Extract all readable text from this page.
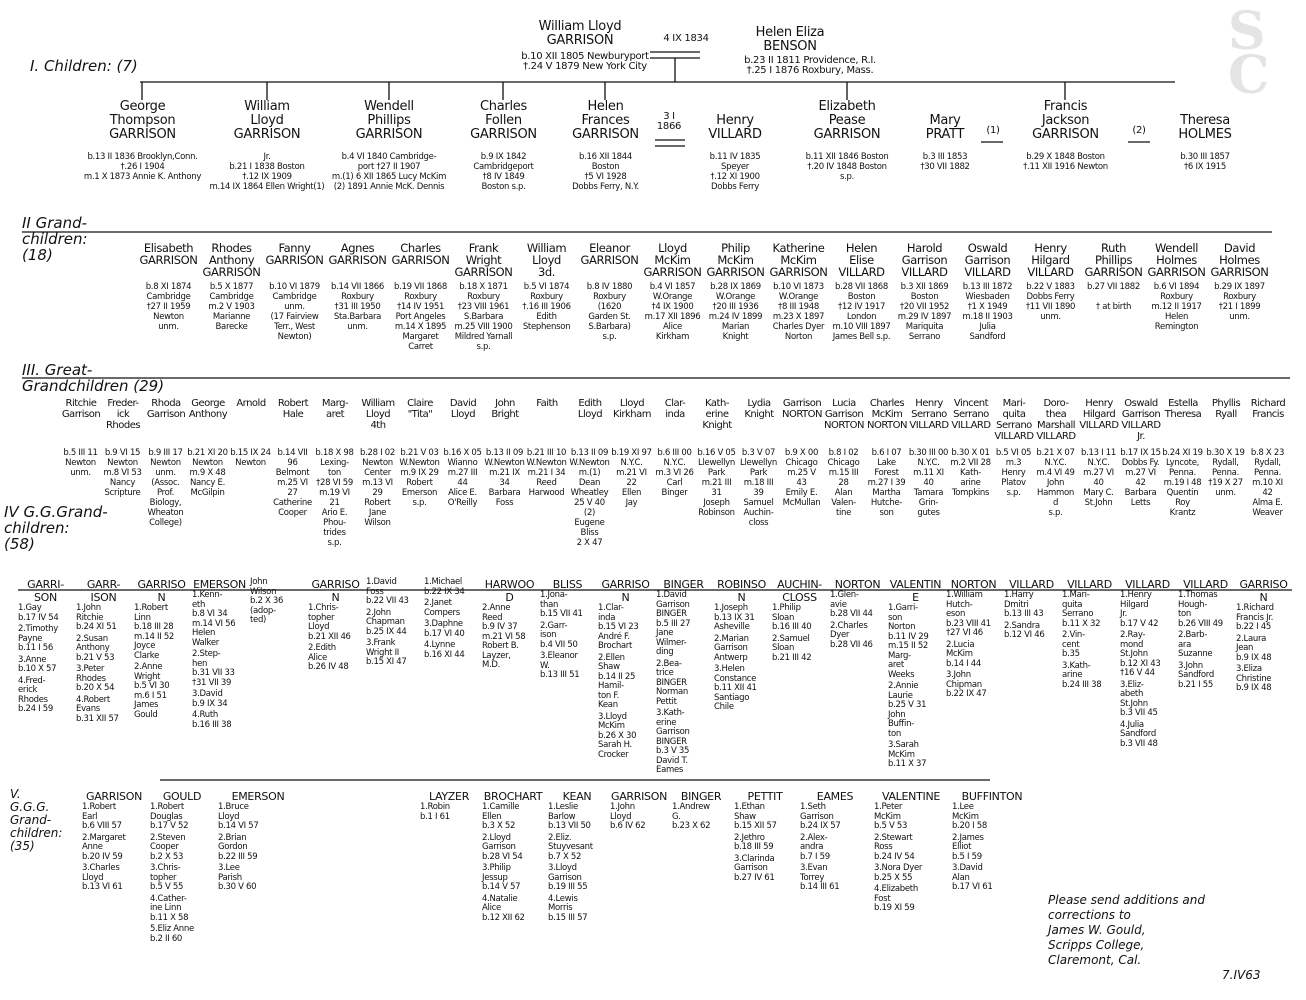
S
C
William Lloyd
GARRISON
b.10 XII 1805 Newburyport
†.24 V 1879 New York City
4 IX 1834	Helen Eliza
BENSON
b.23 II 1811 Providence, R.I.
†.25 I 1876 Roxbury, Mass.
I. Children: (7)
II Grand-
children:
(18)
III. Great-
Grandchildren (29)
IV G.G.Grand-
children:
(58)
V.
G.G.G.
Grand-
children:
(35)
3 I 1866	(1)	(2)
George
Thompson
GARRISON
b.13 II 1836 Brooklyn,Conn.
†.26 I 1904
m.1 X 1873 Annie K. Anthony
William
Lloyd
GARRISON
Jr.
b.21 I 1838 Boston
†.12 IX 1909
m.14 IX 1864 Ellen Wright(1)
Wendell
Phillips
GARRISON
b.4 VI 1840 Cambridge-
port †27 II 1907
m.(1) 6 XII 1865 Lucy McKim
(2) 1891 Annie McK. Dennis
Charles
Follen
GARRISON
b.9 IX 1842
Cambridgeport
†8 IV 1849
Boston s.p.
Helen
Frances
GARRISON
b.16 XII 1844
Boston
†5 VI 1928
Dobbs Ferry, N.Y.

Henry
VILLARD
b.11 IV 1835
Speyer
†.12 XI 1900
Dobbs Ferry
Elizabeth
Pease
GARRISON
b.11 XII 1846 Boston
†.20 IV 1848 Boston
s.p.

Mary
PRATT
b.3 III 1853
†30 VII 1882
Francis
Jackson
GARRISON
b.29 X 1848 Boston
†.11 XII 1916 Newton

Theresa
HOLMES
b.30 III 1857
†6 IX 1915
Elisabeth
GARRISON
b.8 XI 1874
Cambridge
†27 II 1959
Newton
unm.
Rhodes
Anthony
GARRISON
b.5 X 1877
Cambridge
m.2 V 1903
Marianne
Barecke
Fanny
GARRISON
b.10 VI 1879
Cambridge
unm.
(17 Fairview
Terr., West
Newton)
Agnes
GARRISON
b.14 VII 1866
Roxbury
†31 III 1950
Sta.Barbara
unm.
Charles
GARRISON
b.19 VII 1868
Roxbury
†14 IV 1951
Port Angeles
m.14 X 1895
Margaret Carret
Frank
Wright
GARRISON
b.18 X 1871
Roxbury
†23 VIII 1961
S.Barbara
m.25 VIII 1900
Mildred Yarnall s.p.
William
Lloyd
3d.
b.5 VI 1874
Roxbury
†.16 III 1906
Edith
Stephenson
Eleanor
GARRISON
b.8 IV 1880
Roxbury
(1620
Garden St.
S.Barbara)
s.p.
Lloyd
McKim
GARRISON
b.4 VI 1857
W.Orange
†4 IX 1900
m.17 XII 1896
Alice
Kirkham
Philip
McKim
GARRISON
b.28 IX 1869
W.Orange
†20 III 1936
m.24 IV 1899
Marian
Knight
Katherine
McKim
GARRISON
b.10 VI 1873
W.Orange
†8 III 1948
m.23 X 1897
Charles Dyer
Norton
Helen
Elise
VILLARD
b.28 VII 1868
Boston
†12 IV 1917
London
m.10 VIII 1897
James Bell s.p.
Harold
Garrison
VILLARD
b.3 XII 1869
Boston
†20 VII 1952
m.29 IV 1897
Mariquita
Serrano
Oswald
Garrison
VILLARD
b.13 III 1872
Wiesbaden
†1 X 1949
m.18 II 1903
Julia
Sandford
Henry
Hilgard
VILLARD
b.22 V 1883
Dobbs Ferry
†11 VII 1890
unm.
Ruth
Phillips
GARRISON
b.27 VII 1882

† at birth
Wendell
Holmes
GARRISON
b.6 VI 1894
Roxbury
m.12 II 1917
Helen
Remington
David
Holmes
GARRISON
b.29 IX 1897
Roxbury
†21 I 1899
unm.
Ritchie
Garrison
b.5 III 11
Newton
unm.
Freder-
ick
Rhodes
b.9 VI 15
Newton
m.8 VI 53
Nancy
Scripture
Rhoda
Garrison
b.9 III 17
Newton
unm.
(Assoc.
Prof.
Biology,
Wheaton
College)
George
Anthony
b.21 XI 20
Newton
m.9 X 48
Nancy E.
McGilpin
Arnold
b.15 IX 24
Newton
Robert
Hale
b.14 VII 96
Belmont
m.25 VI 27
Catherine
Cooper
Marg-
aret
b.18 X 98
Lexing-
ton
†28 VI 59
m.19 VI 21
Ario E.
Phou-
trides
s.p.
William
Lloyd
4th
b.28 I 02
Newton
Center
m.13 VI 29
Robert
Jane
Wilson
Claire
"Tita"
b.21 V 03
W.Newton
m.9 IX 29
Robert
Emerson
s.p.
David
Lloyd
b.16 X 05
Wianno
m.27 III 44
Alice E.
O'Reilly
John
Bright
b.13 II 09
W.Newton
m.21 IX 34
Barbara
Foss
Faith
b.21 III 10
W.Newton
m.21 I 34
Reed
Harwood
Edith
Lloyd
b.13 II 09
W.Newton
m.(1) Dean
Wheatley
25 V 40
(2) Eugene
Bliss
2 X 47
Lloyd
Kirkham
b.19 XI 97
N.Y.C.
m.21 VI 22
Ellen
Jay
Clar-
inda
b.6 III 00
N.Y.C.
m.3 VI 26
Carl
Binger
Kath-
erine
Knight
b.16 V 05
Llewellyn
Park
m.21 III 31
Joseph
Robinson
Lydia
Knight
b.3 V 07
Llewellyn
Park
m.18 III 39
Samuel
Auchin-
closs
Garrison
NORTON
b.9 X 00
Chicago
m.25 V 43
Emily E.
McMullan
Lucia
Garrison
NORTON
b.8 I 02
Chicago
m.15 III 28
Alan
Valen-
tine
Charles
McKim
NORTON
b.6 I 07
Lake
Forest
m.27 I 39
Martha
Hutche-
son
Henry
Serrano
VILLARD
b.30 III 00
N.Y.C.
m.11 XI 40
Tamara
Grin-
gutes
Vincent
Serrano
VILLARD
b.30 X 01
m.2 VII 28
Kath-
arine
Tompkins
Mari-
quita
Serrano
VILLARD
b.5 VI 05
m.3
Henry
Platov
s.p.
Doro-
thea
Marshall
VILLARD
b.21 X 07
N.Y.C.
m.4 VI 49
John
Hammond
s.p.
Henry
Hilgard
VILLARD
b.13 I 11
N.Y.C.
m.27 VI 40
Mary C.
St.John
Oswald
Garrison
VILLARD
Jr.
b.17 IX 15
Dobbs Fy.
m.27 VI 42
Barbara
Letts
Estella
Theresa
b.24 XI 19
Lyncote,
Penna.
m.19 I 48
Quentin
Roy
Krantz
Phyllis
Ryall
b.30 X 19
Rydall,
Penna.
†19 X 27
unm.
Richard
Francis
b.8 X 23
Rydall,
Penna.
m.10 XI 42
Alma E.
Weaver
GARRI-
SON
1.Gay
b.17 IV 54
2.Timothy
Payne
b.11 I 56
3.Anne
b.10 X 57
4.Fred-
erick
Rhodes
b.24 I 59
GARR-
ISON
1.John
Ritchie
b.24 XI 51
2.Susan
Anthony
b.21 V 53
3.Peter
Rhodes
b.20 X 54
4.Robert
Evans
b.31 XII 57
GARRISON
1.Robert
Linn
b.18 III 28
m.14 II 52
Joyce
Clarke
2.Anne
Wright
b.5 VI 30
m.6 I 51
James
Gould
EMERSON
1.Kenn-
eth
b.8 VI 34
m.14 VI 56
Helen
Walker
2.Step-
hen
b.31 VII 33
†31 VII 39
3.David
b.9 IX 34
4.Ruth
b.16 III 38
John
Wilson
b.2 X 36
(adop-
ted)
GARRISON
1.Chris-
topher
Lloyd
b.21 XII 46
2.Edith
Alice
b.26 IV 48
1.David
Foss
b.22 VII 43
2.John
Chapman
b.25 IX 44
3.Frank
Wright II
b.15 XI 47
1.Michael
b.22 IX 34
2.Janet
Compers
3.Daphne
b.17 VI 40
4.Lynne
b.16 XI 44
HARWOOD
2.Anne
Reed
b.9 IV 37
m.21 VI 58
Robert B.
Layzer,
M.D.
BLISS
1.Jona-
than
b.15 VII 41
2.Garr-
ison
b.4 VII 50
3.Eleanor
W.
b.13 III 51
GARRISON
1.Clar-
inda
b.15 VI 23
André F.
Brochart
2.Ellen
Shaw
b.14 II 25
Hamil-
ton F.
Kean
3.Lloyd
McKim
b.26 X 30
Sarah H.
Crocker
BINGER
1.David
Garrison
BINGER
b.5 III 27
Jane
Wilmer-
ding
2.Bea-
trice
BINGER
Norman
Pettit
3.Kath-
erine
Garrison
BINGER
b.3 V 35
David T.
Eames
ROBINSON
1.Joseph
b.13 IX 31
Asheville
2.Marian
Garrison
Antwerp
3.Helen
Constance
b.11 XII 41
Santiago
Chile
AUCHIN-
CLOSS
1.Philip
Sloan
b.16 III 40
2.Samuel
Sloan
b.21 III 42
NORTON
1.Glen-
avie
b.28 VII 44
2.Charles
Dyer
b.28 VII 46
VALENTINE
1.Garri-
son
Norton
b.11 IV 29
m.15 II 52
Marg-
aret
Weeks
2.Annie
Laurie
b.25 V 31
John
Buffin-
ton
3.Sarah
McKim
b.11 X 37
NORTON
1.William
Hutch-
eson
b.23 VIII 41
†27 VI 46
2.Lucia
McKim
b.14 I 44
3.John
Chipman
b.22 IX 47
VILLARD
1.Harry
Dmitri
b.13 III 43
2.Sandra
b.12 VI 46
VILLARD
1.Mari-
quita
Serrano
b.11 X 32
2.Vin-
cent
b.35
3.Kath-
arine
b.24 III 38
VILLARD
1.Henry
Hilgard
Jr.
b.17 V 42
2.Ray-
mond
St.John
b.12 XI 43
†16 V 44
3.Eliz-
abeth
St.John
b.3 VII 45
4.Julia
Sandford
b.3 VII 48
VILLARD
1.Thomas
Hough-
ton
b.26 VIII 49
2.Barb-
ara
Suzanne
3.John
Sandford
b.21 I 55
GARRISON
1.Richard
Francis Jr.
b.22 I 45
2.Laura
Jean
b.9 IX 48
3.Eliza
Christine
b.9 IX 48
GARRISON
1.Robert
Earl
b.6 VIII 57
2.Margaret
Anne
b.20 IV 59
3.Charles
Lloyd
b.13 VI 61
GOULD
1.Robert
Douglas
b.17 V 52
2.Steven
Cooper
b.2 X 53
3.Chris-
topher
b.5 V 55
4.Cather-
ine Linn
b.11 X 58
5.Eliz Anne
b.2 II 60
EMERSON
1.Bruce
Lloyd
b.14 VI 57
2.Brian
Gordon
b.22 III 59
3.Lee
Parish
b.30 V 60
LAYZER
1.Robin
b.1 I 61
BROCHART
1.Camille
Ellen
b.3 X 52
2.Lloyd
Garrison
b.28 VI 54
3.Philip
Jessup
b.14 V 57
4.Natalie
Alice
b.12 XII 62
KEAN
1.Leslie
Barlow
b.13 VII 50
2.Eliz.
Stuyvesant
b.7 X 52
3.Lloyd
Garrison
b.19 III 55
4.Lewis
Morris
b.15 III 57
GARRISON
1.John
Lloyd
b.6 IV 62
BINGER
1.Andrew
G.
b.23 X 62
PETTIT
1.Ethan
Shaw
b.15 XII 57
2.Jethro
b.18 III 59
3.Clarinda
Garrison
b.27 IV 61
EAMES
1.Seth
Garrison
b.24 IX 57
2.Alex-
andra
b.7 I 59
3.Evan
Torrey
b.14 III 61
VALENTINE
1.Peter
McKim
b.5 V 53
2.Stewart
Ross
b.24 IV 54
3.Nora Dyer
b.25 X 55
4.Elizabeth
Fost
b.19 XI 59
BUFFINTON
1.Lee
McKim
b.20 I 58
2.James
Elliot
b.5 I 59
3.David
Alan
b.17 VI 61
Please send additions and
corrections to
James W. Gould,
Scripps College,
Claremont, Cal.
7.IV63
